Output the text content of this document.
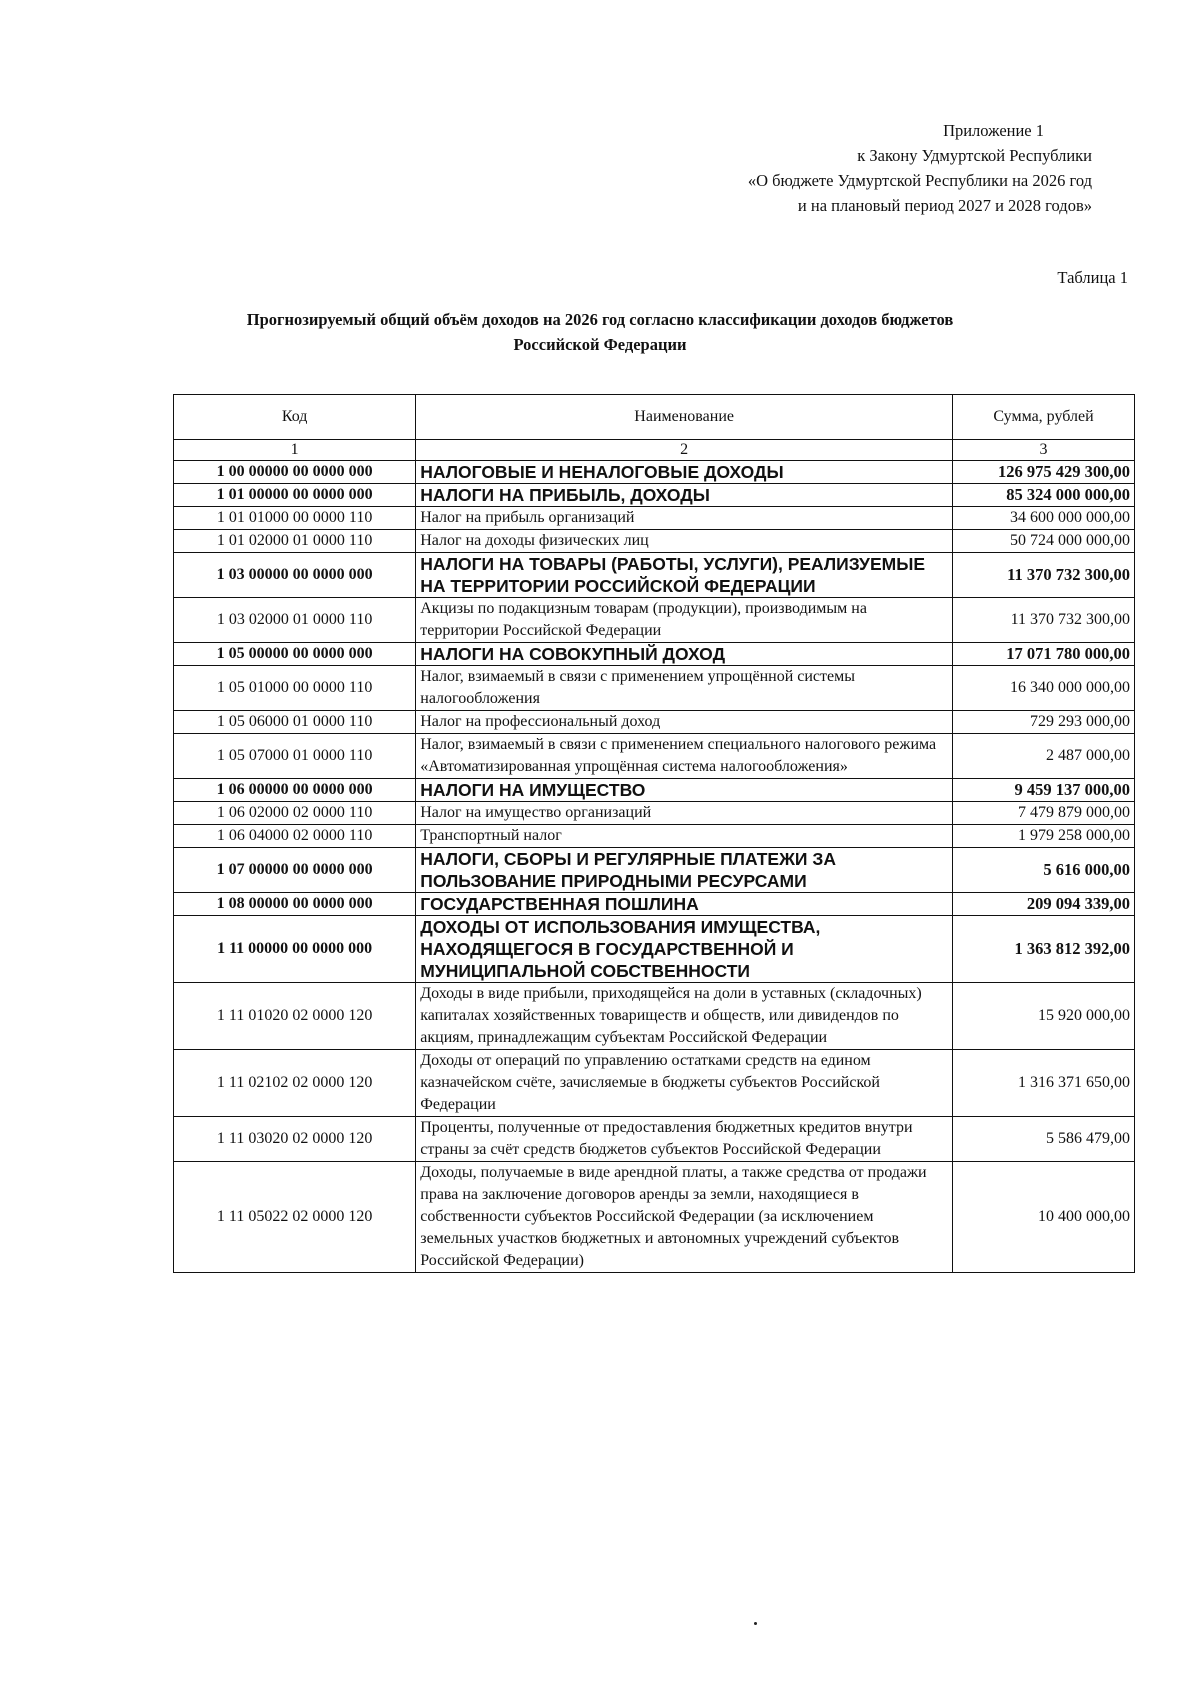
Приложение 1
к Закону Удмуртской Республики
«О бюджете Удмуртской Республики на 2026 год
и на плановый период 2027 и 2028 годов»
Таблица 1
Прогнозируемый общий объём доходов на 2026 год согласно классификации доходов бюджетов
Российской Федерации
Код	Наименование	Сумма, рублей
1	2	3
1 00 00000 00 0000 000	НАЛОГОВЫЕ И НЕНАЛОГОВЫЕ ДОХОДЫ	126 975 429 300,00
1 01 00000 00 0000 000	НАЛОГИ НА ПРИБЫЛЬ, ДОХОДЫ	85 324 000 000,00
1 01 01000 00 0000 110	Налог на прибыль организаций	34 600 000 000,00
1 01 02000 01 0000 110	Налог на доходы физических лиц	50 724 000 000,00
1 03 00000 00 0000 000	НАЛОГИ НА ТОВАРЫ (РАБОТЫ, УСЛУГИ), РЕАЛИЗУЕМЫЕ НА ТЕРРИТОРИИ РОССИЙСКОЙ ФЕДЕРАЦИИ	11 370 732 300,00
1 03 02000 01 0000 110	Акцизы по подакцизным товарам (продукции), производимым на территории Российской Федерации	11 370 732 300,00
1 05 00000 00 0000 000	НАЛОГИ НА СОВОКУПНЫЙ ДОХОД	17 071 780 000,00
1 05 01000 00 0000 110	Налог, взимаемый в связи с применением упрощённой системы налогообложения	16 340 000 000,00
1 05 06000 01 0000 110	Налог на профессиональный доход	729 293 000,00
1 05 07000 01 0000 110	Налог, взимаемый в связи с применением специального налогового режима «Автоматизированная упрощённая система налогообложения»	2 487 000,00
1 06 00000 00 0000 000	НАЛОГИ НА ИМУЩЕСТВО	9 459 137 000,00
1 06 02000 02 0000 110	Налог на имущество организаций	7 479 879 000,00
1 06 04000 02 0000 110	Транспортный налог	1 979 258 000,00
1 07 00000 00 0000 000	НАЛОГИ, СБОРЫ И РЕГУЛЯРНЫЕ ПЛАТЕЖИ ЗА ПОЛЬЗОВАНИЕ ПРИРОДНЫМИ РЕСУРСАМИ	5 616 000,00
1 08 00000 00 0000 000	ГОСУДАРСТВЕННАЯ ПОШЛИНА	209 094 339,00
1 11 00000 00 0000 000	ДОХОДЫ ОТ ИСПОЛЬЗОВАНИЯ ИМУЩЕСТВА, НАХОДЯЩЕГОСЯ В ГОСУДАРСТВЕННОЙ И МУНИЦИПАЛЬНОЙ СОБСТВЕННОСТИ	1 363 812 392,00
1 11 01020 02 0000 120	Доходы в виде прибыли, приходящейся на доли в уставных (складочных) капиталах хозяйственных товариществ и обществ, или дивидендов по акциям, принадлежащим субъектам Российской Федерации	15 920 000,00
1 11 02102 02 0000 120	Доходы от операций по управлению остатками средств на едином казначейском счёте, зачисляемые в бюджеты субъектов Российской Федерации	1 316 371 650,00
1 11 03020 02 0000 120	Проценты, полученные от предоставления бюджетных кредитов внутри страны за счёт средств бюджетов субъектов Российской Федерации	5 586 479,00
1 11 05022 02 0000 120	Доходы, получаемые в виде арендной платы, а также средства от продажи права на заключение договоров аренды за земли, находящиеся в собственности субъектов Российской Федерации (за исключением земельных участков бюджетных и автономных учреждений субъектов Российской Федерации)	10 400 000,00
